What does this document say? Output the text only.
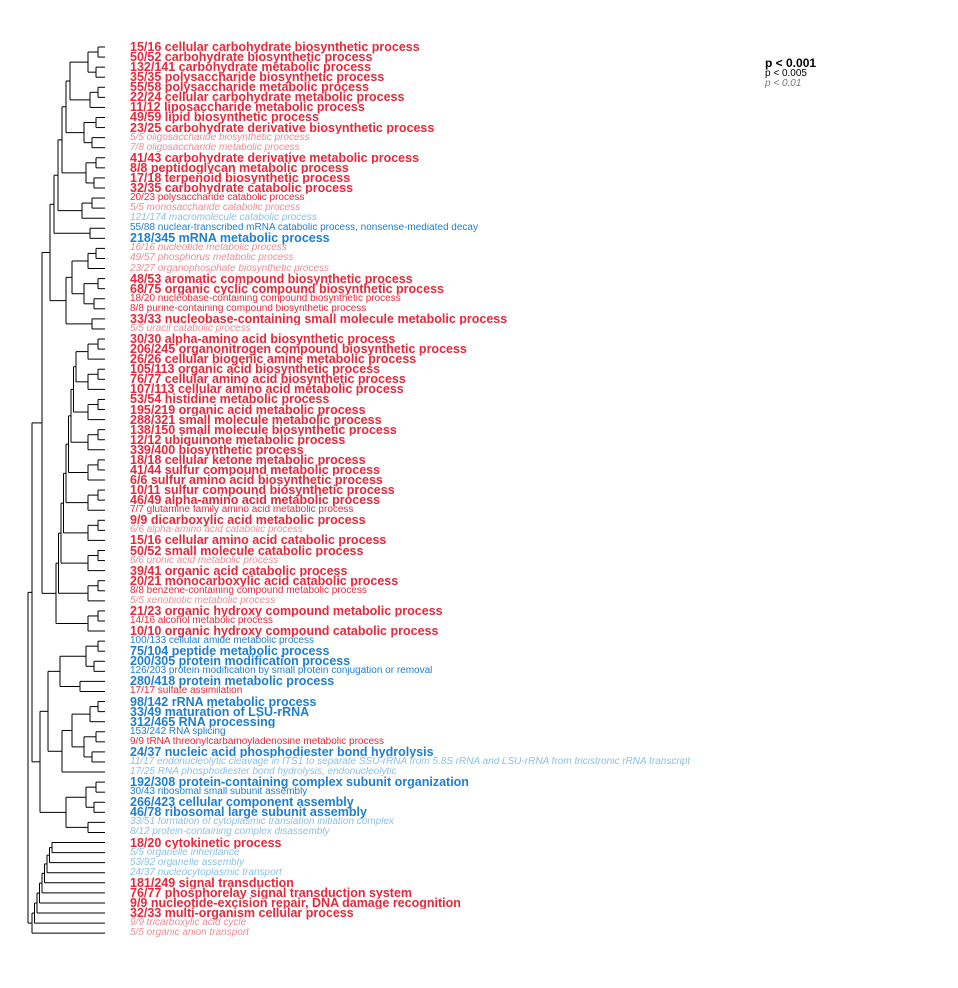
15/16 cellular carbohydrate biosynthetic process
50/52 carbohydrate biosynthetic process
132/141 carbohydrate metabolic process
35/35 polysaccharide biosynthetic process
55/58 polysaccharide metabolic process
22/24 cellular carbohydrate metabolic process
11/12 liposaccharide metabolic process
49/59 lipid biosynthetic process
23/25 carbohydrate derivative biosynthetic process
5/5 oligosaccharide biosynthetic process
7/8 oligosaccharide metabolic process
41/43 carbohydrate derivative metabolic process
8/8 peptidoglycan metabolic process
17/18 terpenoid biosynthetic process
32/35 carbohydrate catabolic process
20/23 polysaccharide catabolic process
5/5 monosaccharide catabolic process
121/174 macromolecule catabolic process
55/88 nuclear-transcribed mRNA catabolic process, nonsense-mediated decay
218/345 mRNA metabolic process
16/16 nucleotide metabolic process
49/57 phosphorus metabolic process
23/27 organophosphate biosynthetic process
48/53 aromatic compound biosynthetic process
68/75 organic cyclic compound biosynthetic process
18/20 nucleobase-containing compound biosynthetic process
8/8 purine-containing compound biosynthetic process
33/33 nucleobase-containing small molecule metabolic process
5/5 uracil catabolic process
30/30 alpha-amino acid biosynthetic process
206/245 organonitrogen compound biosynthetic process
26/26 cellular biogenic amine metabolic process
105/113 organic acid biosynthetic process
76/77 cellular amino acid biosynthetic process
107/113 cellular amino acid metabolic process
53/54 histidine metabolic process
195/219 organic acid metabolic process
288/321 small molecule metabolic process
138/150 small molecule biosynthetic process
12/12 ubiquinone metabolic process
339/400 biosynthetic process
18/18 cellular ketone metabolic process
41/44 sulfur compound metabolic process
6/6 sulfur amino acid biosynthetic process
10/11 sulfur compound biosynthetic process
46/49 alpha-amino acid metabolic process
7/7 glutamine family amino acid metabolic process
9/9 dicarboxylic acid metabolic process
6/6 alpha-amino acid catabolic process
15/16 cellular amino acid catabolic process
50/52 small molecule catabolic process
6/6 uronic acid metabolic process
39/41 organic acid catabolic process
20/21 monocarboxylic acid catabolic process
8/8 benzene-containing compound metabolic process
5/5 xenobiotic metabolic process
21/23 organic hydroxy compound metabolic process
14/16 alcohol metabolic process
10/10 organic hydroxy compound catabolic process
100/133 cellular amide metabolic process
75/104 peptide metabolic process
200/305 protein modification process
126/203 protein modification by small protein conjugation or removal
280/418 protein metabolic process
17/17 sulfate assimilation
98/142 rRNA metabolic process
33/49 maturation of LSU-rRNA
312/465 RNA processing
153/242 RNA splicing
9/9 tRNA threonylcarbamoyladenosine metabolic process
24/37 nucleic acid phosphodiester bond hydrolysis
11/17 endonucleolytic cleavage in ITS1 to separate SSU-rRNA from 5.8S rRNA and LSU-rRNA from tricistronic rRNA transcript
17/25 RNA phosphodiester bond hydrolysis, endonucleolytic
192/308 protein-containing complex subunit organization
30/43 ribosomal small subunit assembly
266/423 cellular component assembly
46/78 ribosomal large subunit assembly
33/51 formation of cytoplasmic translation initiation complex
8/12 protein-containing complex disassembly
18/20 cytokinetic process
5/5 organelle inheritance
53/92 organelle assembly
24/37 nucleocytoplasmic transport
181/249 signal transduction
76/77 phosphorelay signal transduction system
9/9 nucleotide-excision repair, DNA damage recognition
32/33 multi-organism cellular process
9/9 tricarboxylic acid cycle
5/5 organic anion transport
p < 0.001
p < 0.005
p < 0.01
